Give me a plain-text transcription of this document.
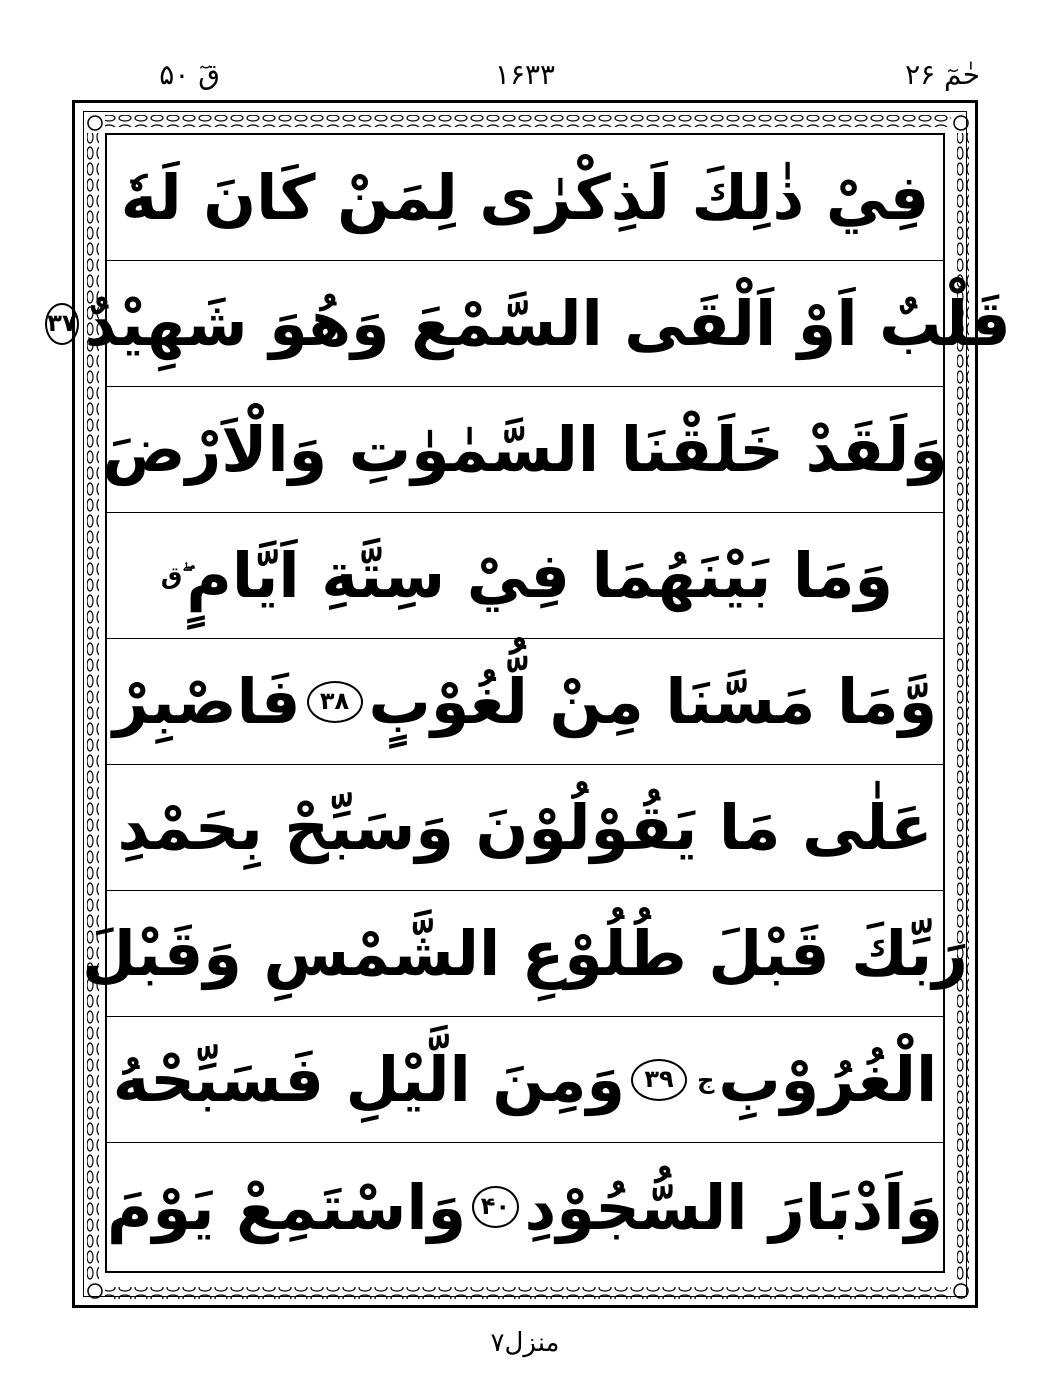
حٰمٓ ۲۶
۱۶۳۳
قٓ ۵۰
فِيْ ذٰلِكَ لَذِكْرٰى لِمَنْ كَانَ لَهٗ
قَلْبٌ اَوْ اَلْقَى السَّمْعَ وَهُوَ شَهِيْدٌ
۳۷
وَلَقَدْ خَلَقْنَا السَّمٰوٰتِ وَالْاَرْضَ
وَمَا بَيْنَهُمَا فِيْ سِتَّةِ اَيَّامٍ
ۖق
وَّمَا مَسَّنَا مِنْ لُّغُوْبٍ
۳۸
فَاصْبِرْ
عَلٰى مَا يَقُوْلُوْنَ وَسَبِّحْ بِحَمْدِ
رَبِّكَ قَبْلَ طُلُوْعِ الشَّمْسِ وَقَبْلَ
الْغُرُوْبِ
ج
۳۹
وَمِنَ الَّيْلِ فَسَبِّحْهُ
وَاَدْبَارَ السُّجُوْدِ
۴۰
وَاسْتَمِعْ يَوْمَ
منزل۷
